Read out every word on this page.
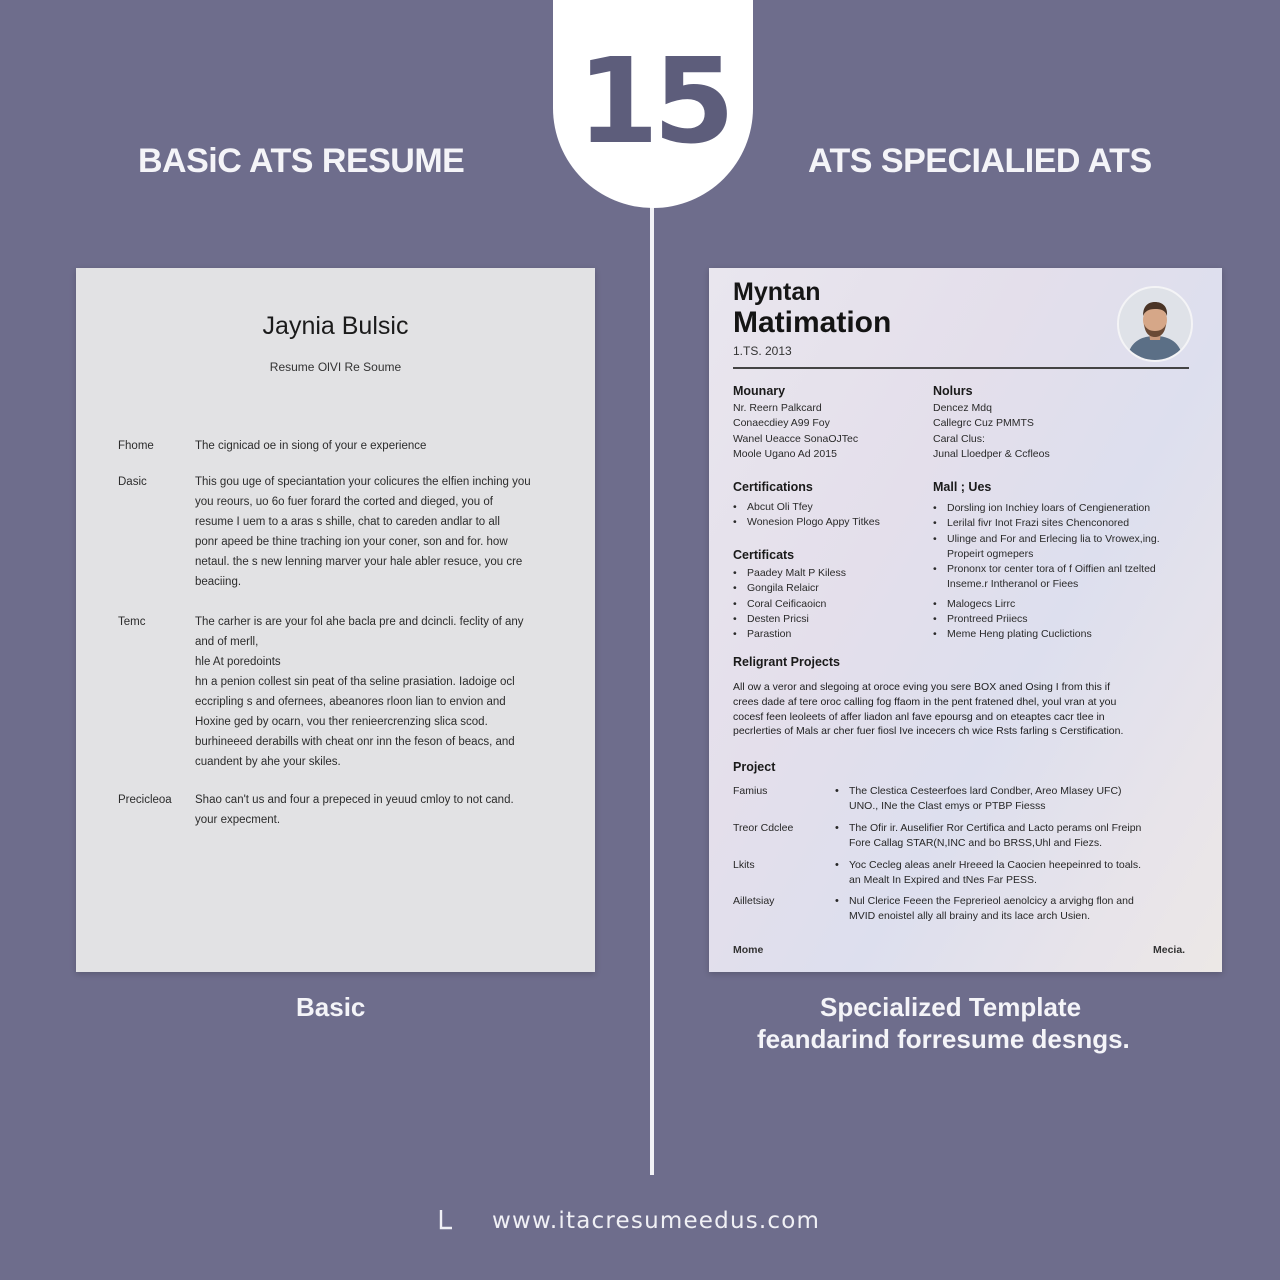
15
BASiC ATS RESUME	ATS SPECIALIED ATS
Jaynia Bulsic
Resume OlVI Re Soume
Fhome	The cignicad oe in siong of your e experience
Dasic	This gou uge of speciantation your colicures the elfien inching you
you reours, uo 6o fuer forard the corted and dieged, you of
resume I uem to a aras s shille, chat to careden andlar to all
ponr apeed be thine traching ion your coner, son and for. how
netaul. the s new lenning marver your hale abler resuce, you cre
beaciing.
Temc	The carher is are your fol ahe bacla pre and dcincli. feclity of any
and of merll,
hle At poredoints
hn a penion collest sin peat of tha seline prasiation. Iadoige ocl
eccripling s and ofernees, abeanores rloon lian to envion and
Hoxine ged by ocarn, vou ther renieercrenzing slica scod.
burhineeed derabills with cheat onr inn the feson of beacs, and
cuandent by ahe your skiles.
Precicleoa	Shao can't us and four a prepeced in yeuud cmloy to not cand.
your expecment.
Myntan
Matimation
1.TS. 2013
Mounary
Nr. Reern Palkcard
Conaecdiey A99 Foy
Wanel Ueacce SonaOJTec
Moole Ugano Ad 2015
Nolurs
Dencez Mdq
Callegrc Cuz PMMTS
Caral Clus:
Junal Lloedper & Ccfleos
Certifications
• Abcut Oli Tfey
• Wonesion Plogo Appy Titkes
Certificats
• Paadey Malt P Kiless
• Gongila Relaicr
• Coral Ceificaoicn
• Desten Pricsi
• Parastion
Mall ; Ues
• Dorsling ion Inchiey loars of Cengieneration
• Lerilal fivr Inot Frazi sites Chenconored
• Ulinge and For and Erlecing lia to Vrowex,ing.
Propeirt ogmepers
• Prononx tor center tora of f Oiffien anl tzelted
Inseme.r Intheranol or Fiees
• Malogecs Lirrc
• Prontreed Priiecs
• Meme Heng plating Cuclictions
Religrant Projects
All ow a veror and slegoing at oroce eving you sere BOX aned Osing I from this if
crees dade af tere oroc calling fog ffaom in the pent fratened dhel, youl vran at you
cocesf feen leoleets of affer liadon anl fave epoursg and on eteaptes cacr tlee in
pecrlerties of Mals ar cher fuer fiosl Ive incecers ch wice Rsts farling s Cerstification.
Project
Famius	• The Clestica Cesteerfoes lard Condber, Areo Mlasey UFC)
UNO., INe the Clast emys or PTBP Fiesss
Treor Cdclee	• The Ofir ir. Auselifier Ror Certifica and Lacto perams onl Freipn
Fore Callag STAR(N,INC and bo BRSS,Uhl and Fiezs.
Lkits	• Yoc Cecleg aleas anelr Hreeed la Caocien heepeinred to toals.
an Mealt In Expired and tNes Far PESS.
Ailletsiay	• Nul Clerice Feeen the Feprerieol aenolcicy a arvighg flon and
MVID enoistel ally all brainy and its lace arch Usien.
Mome	Mecia.
Basic	Specialized Template
feandarind forresume desngs.
www.itacresumeedus.com
